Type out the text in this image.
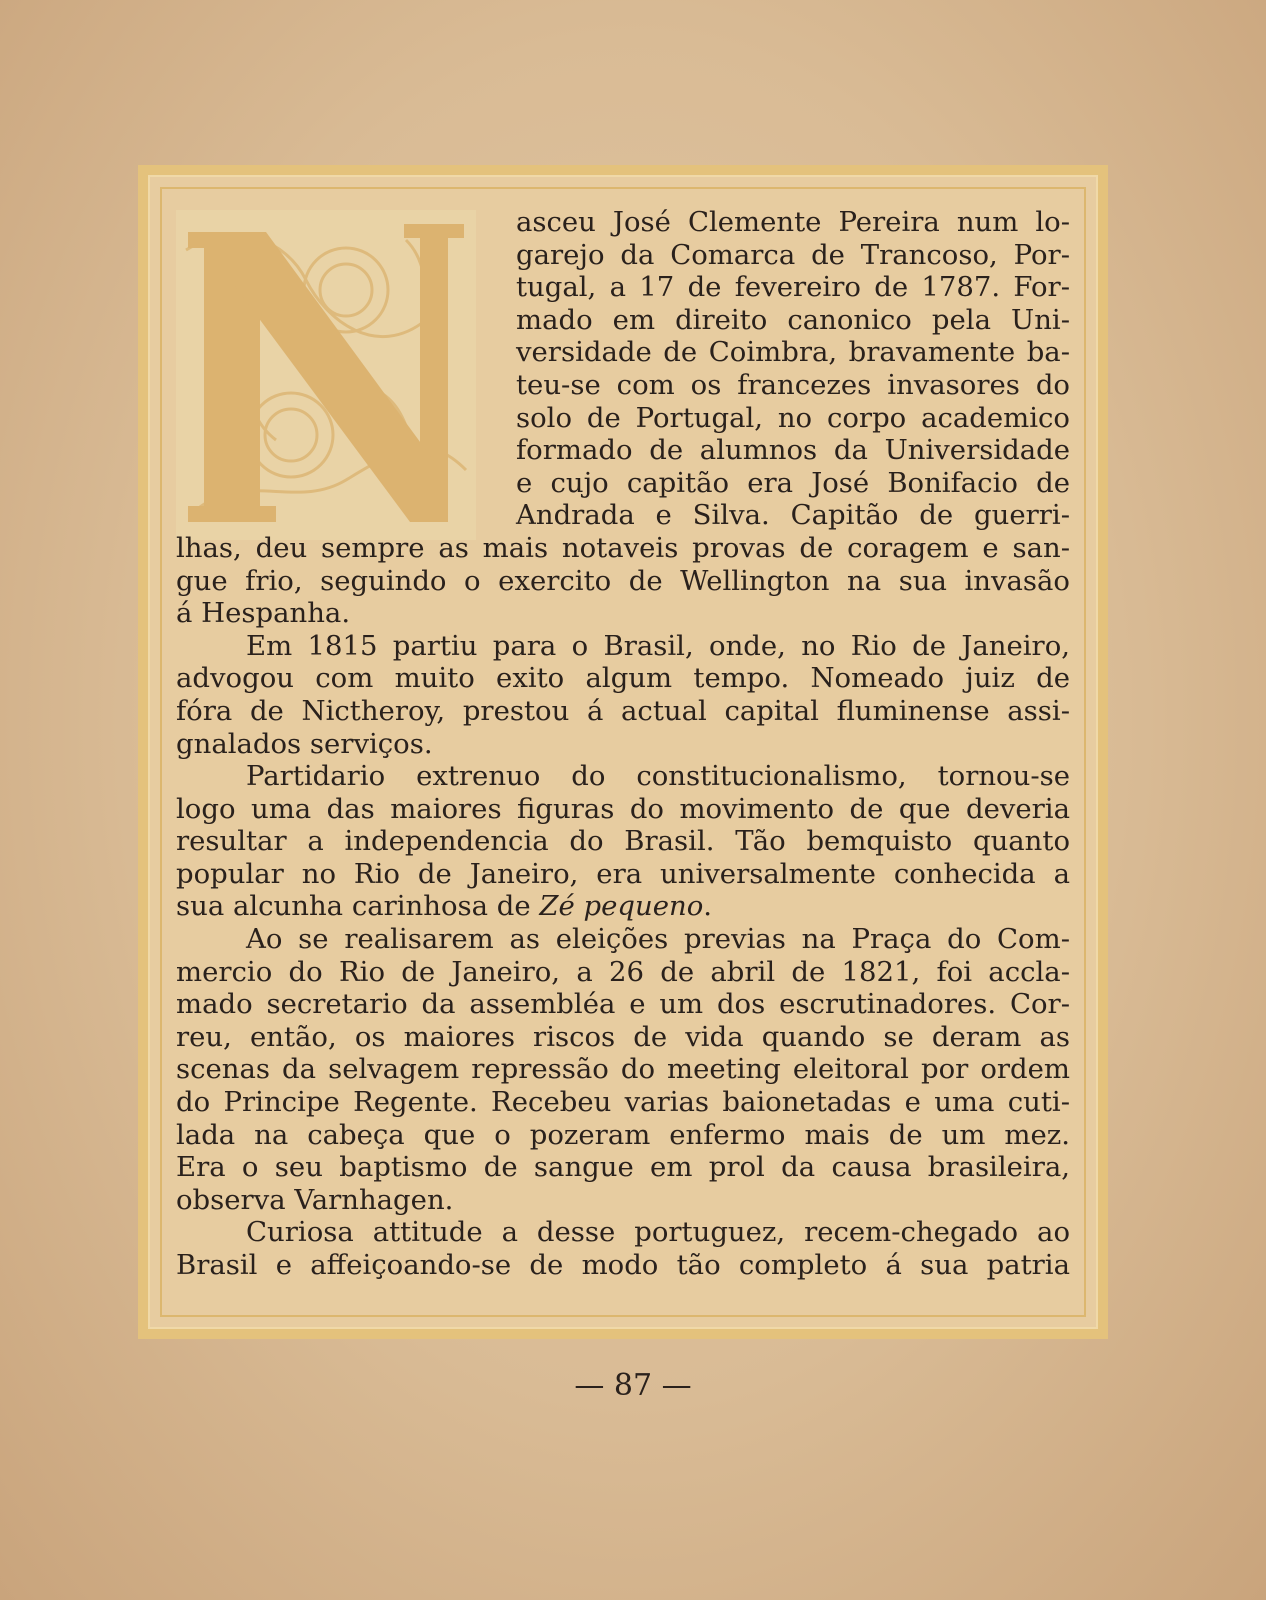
asceu José Clemente Pereira num lo-
garejo da Comarca de Trancoso, Por-
tugal, a 17 de fevereiro de 1787. For-
mado em direito canonico pela Uni-
versidade de Coimbra, bravamente ba-
teu-se com os francezes invasores do
solo de Portugal, no corpo academico
formado de alumnos da Universidade
e cujo capitão era José Bonifacio de
Andrada e Silva. Capitão de guerri-
lhas, deu sempre as mais notaveis provas de coragem e san-
gue frio, seguindo o exercito de Wellington na sua invasão
á Hespanha.
Em 1815 partiu para o Brasil, onde, no Rio de Janeiro,
advogou com muito exito algum tempo. Nomeado juiz de
fóra de Nictheroy, prestou á actual capital fluminense assi-
gnalados serviços.
Partidario extrenuo do constitucionalismo, tornou-se
logo uma das maiores figuras do movimento de que deveria
resultar a independencia do Brasil. Tão bemquisto quanto
popular no Rio de Janeiro, era universalmente conhecida a
sua alcunha carinhosa de Zé pequeno.
Ao se realisarem as eleições previas na Praça do Com-
mercio do Rio de Janeiro, a 26 de abril de 1821, foi accla-
mado secretario da assembléa e um dos escrutinadores. Cor-
reu, então, os maiores riscos de vida quando se deram as
scenas da selvagem repressão do meeting eleitoral por ordem
do Principe Regente. Recebeu varias baionetadas e uma cuti-
lada na cabeça que o pozeram enfermo mais de um mez.
Era o seu baptismo de sangue em prol da causa brasileira,
observa Varnhagen.
Curiosa attitude a desse portuguez, recem-chegado ao
Brasil e affeiçoando-se de modo tão completo á sua patria
— 87 —
